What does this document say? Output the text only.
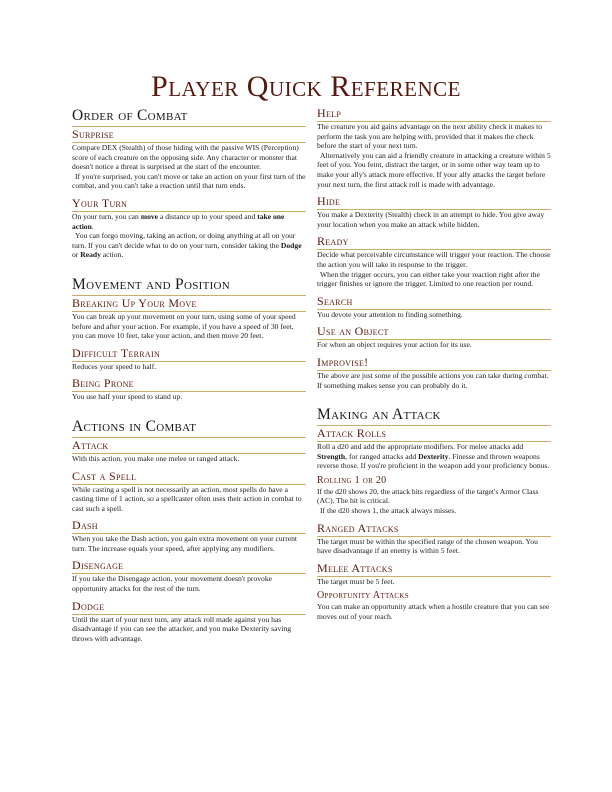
Player Quick Reference
Order of Combat
Surprise

Compare DEX (Stealth) of those hiding with the passive WIS (Perception) score of each creature on the opposing side. Any character or monster that doesn't notice a threat is surprised at the start of the encounter.

If you're surprised, you can't move or take an action on your first turn of the combat, and you can't take a reaction until that turn ends.

Your Turn

On your turn, you can move a distance up to your speed and take one action.

You can forgo moving, taking an action, or doing anything at all on your turn. If you can't decide what to do on your turn, consider taking the Dodge or Ready action.

Movement and Position
Breaking Up Your Move

You can break up your movement on your turn, using some of your speed before and after your action. For example, if you have a speed of 30 feet, you can move 10 feet, take your action, and then move 20 feet.

Difficult Terrain

Reduces your speed to half.

Being Prone

You use half your speed to stand up.

Actions in Combat
Attack

With this action, you make one melee or ranged attack.

Cast a Spell

While casting a spell is not necessarily an action, most spells do have a casting time of 1 action, so a spellcaster often uses their action in combat to cast such a spell.

Dash

When you take the Dash action, you gain extra movement on your current turn. The increase equals your speed, after applying any modifiers.

Disengage

If you take the Disengage action, your movement doesn't provoke opportunity attacks for the rest of the turn.

Dodge

Until the start of your next turn, any attack roll made against you has disadvantage if you can see the attacker, and you make Dexterity saving throws with advantage.

Help

The creature you aid gains advantage on the next ability check it makes to perform the task you are helping with, provided that it makes the check before the start of your next turn.

Alternatively you can aid a friendly creature in attacking a creature within 5 feet of you. You feint, distract the target, or in some other way team up to make your ally's attack more effective. If your ally attacks the target before your next turn, the first attack roll is made with advantage.

Hide

You make a Dexterity (Stealth) check in an attempt to hide. You give away your location when you make an attack while hidden.

Ready

Decide what perceivable circumstance will trigger your reaction. The choose the action you will take in response to the trigger.

When the trigger occurs, you can either take your reaction right after the trigger finishes or ignore the trigger. Limited to one reaction per round.

Search

You devote your attention to finding something.

Use an Object

For when an object requires your action for its use.

Improvise!

The above are just some of the possible actions you can take during combat. If something makes sense you can probably do it.

Making an Attack
Attack Rolls

Roll a d20 and add the appropriate modifiers. For melee attacks add Strength, for ranged attacks add Dexterity. Finesse and thrown weapons reverse those. If you're proficient in the weapon add your proficiency bonus.

Rolling 1 or 20

If the d20 shows 20, the attack hits regardless of the target's Armor Class (AC). The hit is critical.

If the d20 shows 1, the attack always misses.

Ranged Attacks

The target must be within the specified range of the chosen weapon. You have disadvantage if an enemy is within 5 feet.

Melee Attacks

The target must be 5 feet.

Opportunity Attacks

You can make an opportunity attack when a hostile creature that you can see moves out of your reach.
